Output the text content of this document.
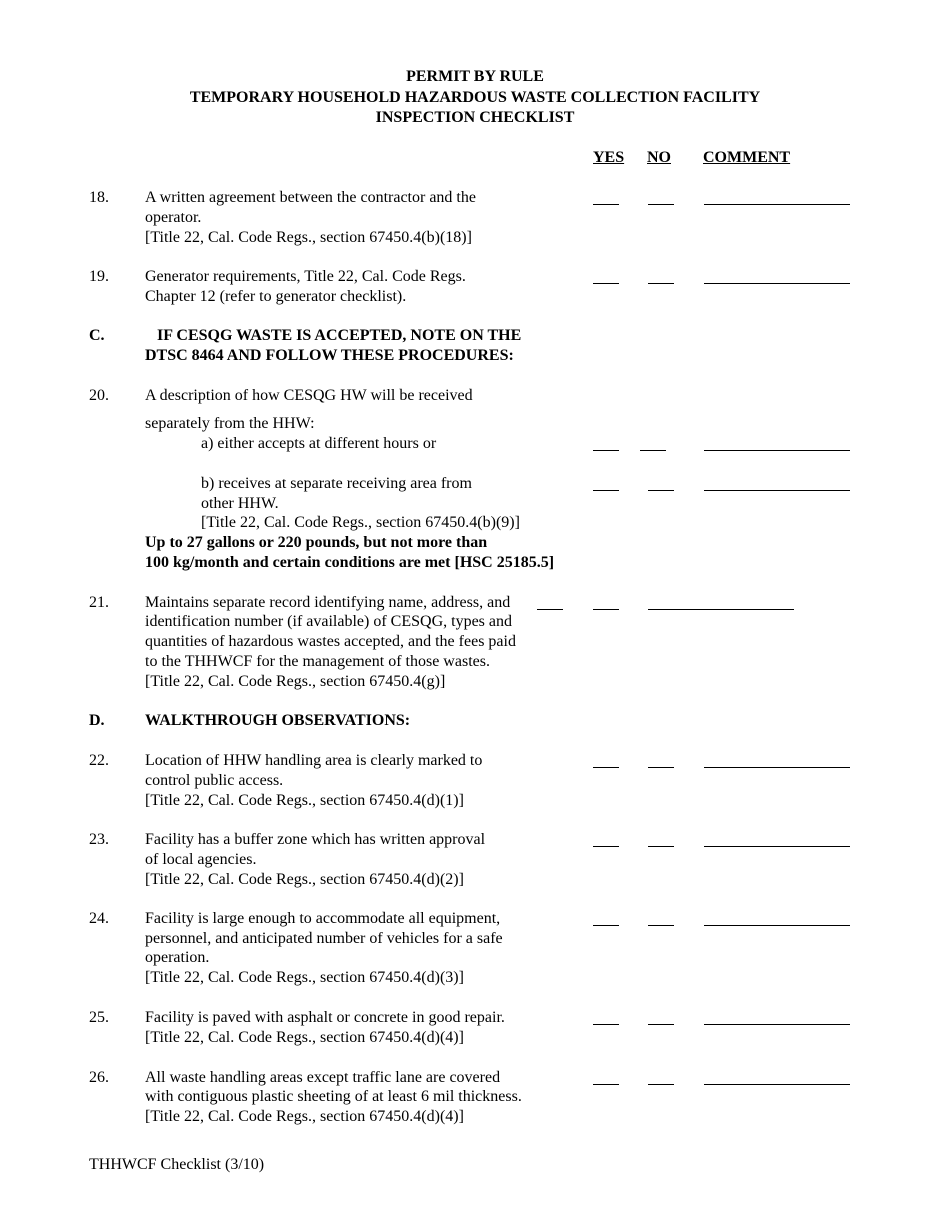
PERMIT BY RULE
TEMPORARY HOUSEHOLD HAZARDOUS WASTE COLLECTION FACILITY
INSPECTION CHECKLIST
YES NO COMMENT
18. A written agreement between the contractor and the
operator.
[Title 22, Cal. Code Regs., section 67450.4(b)(18)]
19. Generator requirements, Title 22, Cal. Code Regs.
Chapter 12 (refer to generator checklist).
C.	IF CESQG WASTE IS ACCEPTED, NOTE ON THE
DTSC 8464 AND FOLLOW THESE PROCEDURES:
20. A description of how CESQG HW will be received
separately from the HHW:
a) either accepts at different hours or
b) receives at separate receiving area from
other HHW.
[Title 22, Cal. Code Regs., section 67450.4(b)(9)]
Up to 27 gallons or 220 pounds, but not more than
100 kg/month and certain conditions are met [HSC 25185.5]
21. Maintains separate record identifying name, address, and
identification number (if available) of CESQG, types and
quantities of hazardous wastes accepted, and the fees paid
to the THHWCF for the management of those wastes.
[Title 22, Cal. Code Regs., section 67450.4(g)]
D.	WALKTHROUGH OBSERVATIONS:
22. Location of HHW handling area is clearly marked to
control public access.
[Title 22, Cal. Code Regs., section 67450.4(d)(1)]
23. Facility has a buffer zone which has written approval
of local agencies.
[Title 22, Cal. Code Regs., section 67450.4(d)(2)]
24. Facility is large enough to accommodate all equipment,
personnel, and anticipated number of vehicles for a safe
operation.
[Title 22, Cal. Code Regs., section 67450.4(d)(3)]
25. Facility is paved with asphalt or concrete in good repair.
[Title 22, Cal. Code Regs., section 67450.4(d)(4)]
26. All waste handling areas except traffic lane are covered
with contiguous plastic sheeting of at least 6 mil thickness.
[Title 22, Cal. Code Regs., section 67450.4(d)(4)]
THHWCF Checklist (3/10)
